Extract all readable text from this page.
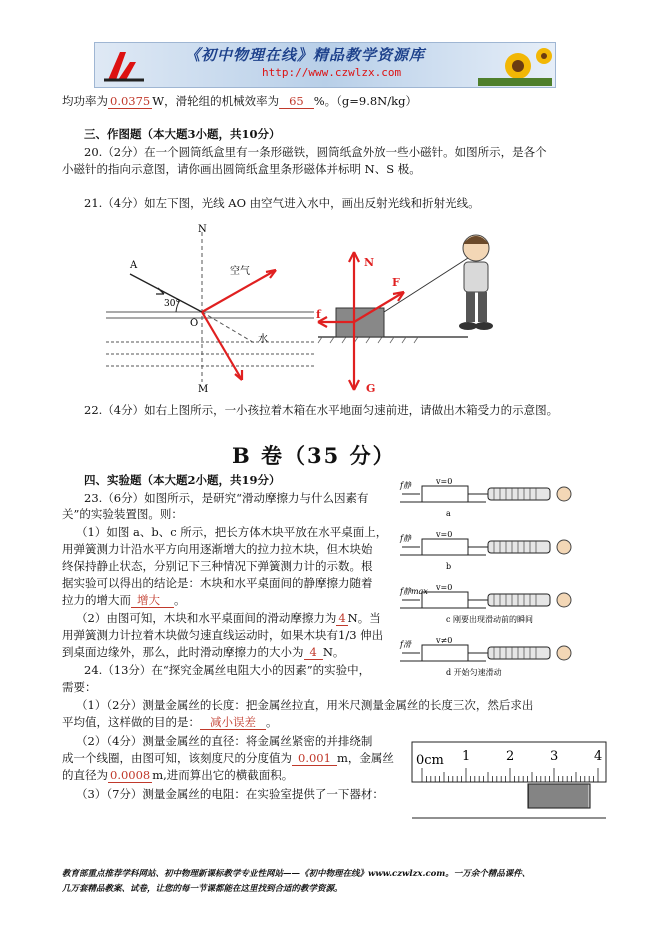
《初中物理在线》精品教学资源库
http://www.czwlzx.com
均功率为 0.0375 W，滑轮组的机械效率为 65 %。（g=9.8N/kg）
三、作图题（本大题3小题，共10分）
20.（2分）在一个圆筒纸盒里有一条形磁铁，圆筒纸盒外放一些小磁针。如图所示，是各个
小磁针的指向示意图，请你画出圆筒纸盒里条形磁体并标明 N、S 极。
21.（4分）如左下图，光线 AO 由空气进入水中，画出反射光线和折射光线。
N
A
空气
30°
O
水
M
N
F
f
G
22.（4分）如右上图所示，一小孩拉着木箱在水平地面匀速前进，请做出木箱受力的示意图。
B 卷（35 分）
四、实验题（本大题2小题，共19分）
23.（6分）如图所示，是研究“滑动摩擦力与什么因素有
关”的实验装置图。则：
（1）如图 a、b、c 所示，把长方体木块平放在水平桌面上，
用弹簧测力计沿水平方向用逐渐增大的拉力拉木块，但木块始
终保持静止状态，分别记下三种情况下弹簧测力计的示数。根
据实验可以得出的结论是：木块和水平桌面间的静摩擦力随着
拉力的增大而 增大 。
（2）由图可知，木块和水平桌面间的滑动摩擦力为 4 N。当
用弹簧测力计拉着木块做匀速直线运动时，如果木块有1/3 伸出
到桌面边缘外，那么，此时滑动摩擦力的大小为 4 N。
24.（13分）在“探究金属丝电阻大小的因素”的实验中，
需要：
（1）（2分）测量金属丝的长度：把金属丝拉直，用米尺测量金属丝的长度三次，然后求出
平均值，这样做的目的是： 减小误差 。
（2）（4分）测量金属丝的直径：将金属丝紧密的并排绕制
成一个线圈，由图可知，该刻度尺的分度值为 0.001 m，金属丝
的直径为 0.0008 m,进而算出它的横截面积。
（3）（7分）测量金属丝的电阻：在实验室提供了一下器材：
f静	v=0
a
f静	v=0
b
f静max v=0
c 刚要出现滑动前的瞬间
f滑	v≠0
d 开始匀速滑动
0cm 1	2	3	4
教育部重点推荐学科网站、初中物理新课标教学专业性网站——《初中物理在线》www.czwlzx.com。一万余个精品课件、
几万套精品教案、试卷，让您的每一节课都能在这里找到合适的教学资源。
